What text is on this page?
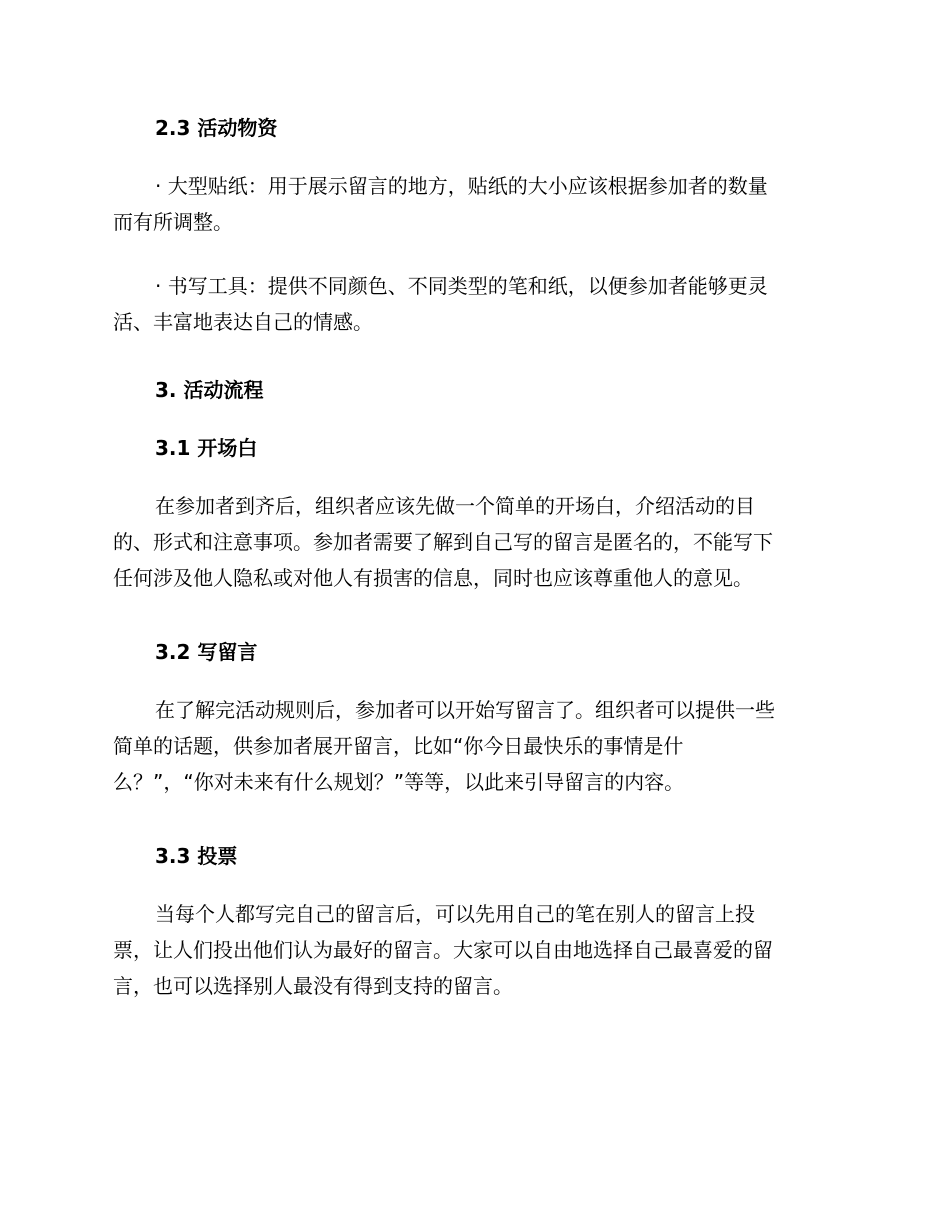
2.3 活动物资
· 大型贴纸：用于展示留言的地方，贴纸的大小应该根据参加者的数量
而有所调整。
· 书写工具：提供不同颜色、不同类型的笔和纸，以便参加者能够更灵
活、丰富地表达自己的情感。
3. 活动流程
3.1 开场白
在参加者到齐后，组织者应该先做一个简单的开场白，介绍活动的目
的、形式和注意事项。参加者需要了解到自己写的留言是匿名的，不能写下
任何涉及他人隐私或对他人有损害的信息，同时也应该尊重他人的意见。
3.2 写留言
在了解完活动规则后，参加者可以开始写留言了。组织者可以提供一些
简单的话题，供参加者展开留言，比如“你今日最快乐的事情是什
么？”，“你对未来有什么规划？”等等，以此来引导留言的内容。
3.3 投票
当每个人都写完自己的留言后，可以先用自己的笔在别人的留言上投
票，让人们投出他们认为最好的留言。大家可以自由地选择自己最喜爱的留
言，也可以选择别人最没有得到支持的留言。
